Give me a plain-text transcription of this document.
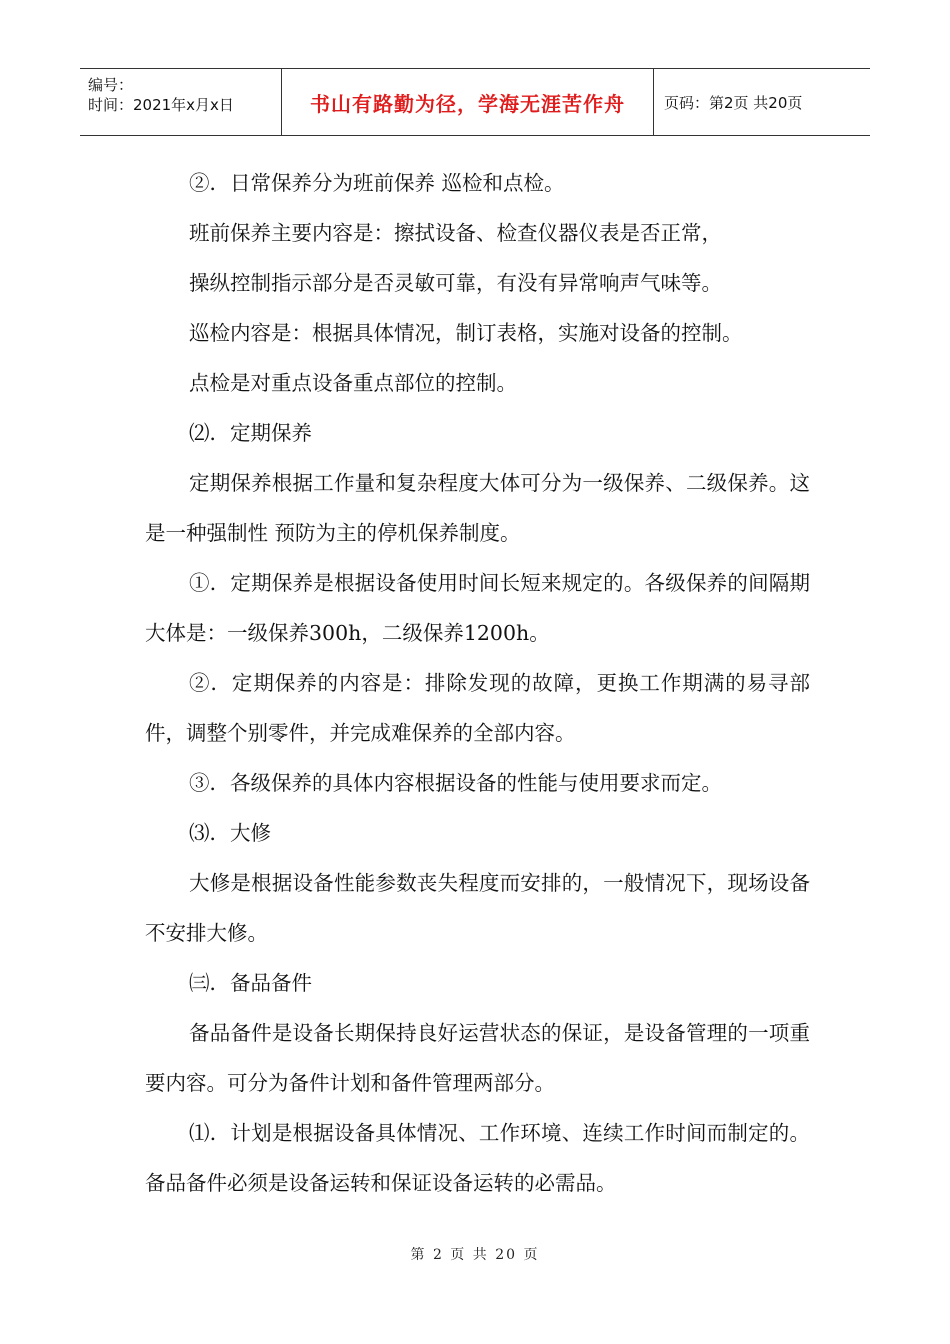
编号：
时间：2021年x月x日	书山有路勤为径，学海无涯苦作舟	页码：第2页 共20页

②．日常保养分为班前保养 巡检和点检。

班前保养主要内容是：擦拭设备、检查仪器仪表是否正常，

操纵控制指示部分是否灵敏可靠，有没有异常响声气味等。

巡检内容是：根据具体情况，制订表格，实施对设备的控制。

点检是对重点设备重点部位的控制。

⑵．定期保养

定期保养根据工作量和复杂程度大体可分为一级保养、二级保养。这是一种强制性 预防为主的停机保养制度。

①．定期保养是根据设备使用时间长短来规定的。各级保养的间隔期大体是：一级保养300h，二级保养1200h。

②．定期保养的内容是：排除发现的故障，更换工作期满的易寻部件，调整个别零件，并完成难保养的全部内容。

③．各级保养的具体内容根据设备的性能与使用要求而定。

⑶．大修

大修是根据设备性能参数丧失程度而安排的，一般情况下，现场设备不安排大修。

㈢．备品备件

备品备件是设备长期保持良好运营状态的保证，是设备管理的一项重要内容。可分为备件计划和备件管理两部分。

⑴．计划是根据设备具体情况、工作环境、连续工作时间而制定的。备品备件必须是设备运转和保证设备运转的必需品。

第 2 页 共 20 页
